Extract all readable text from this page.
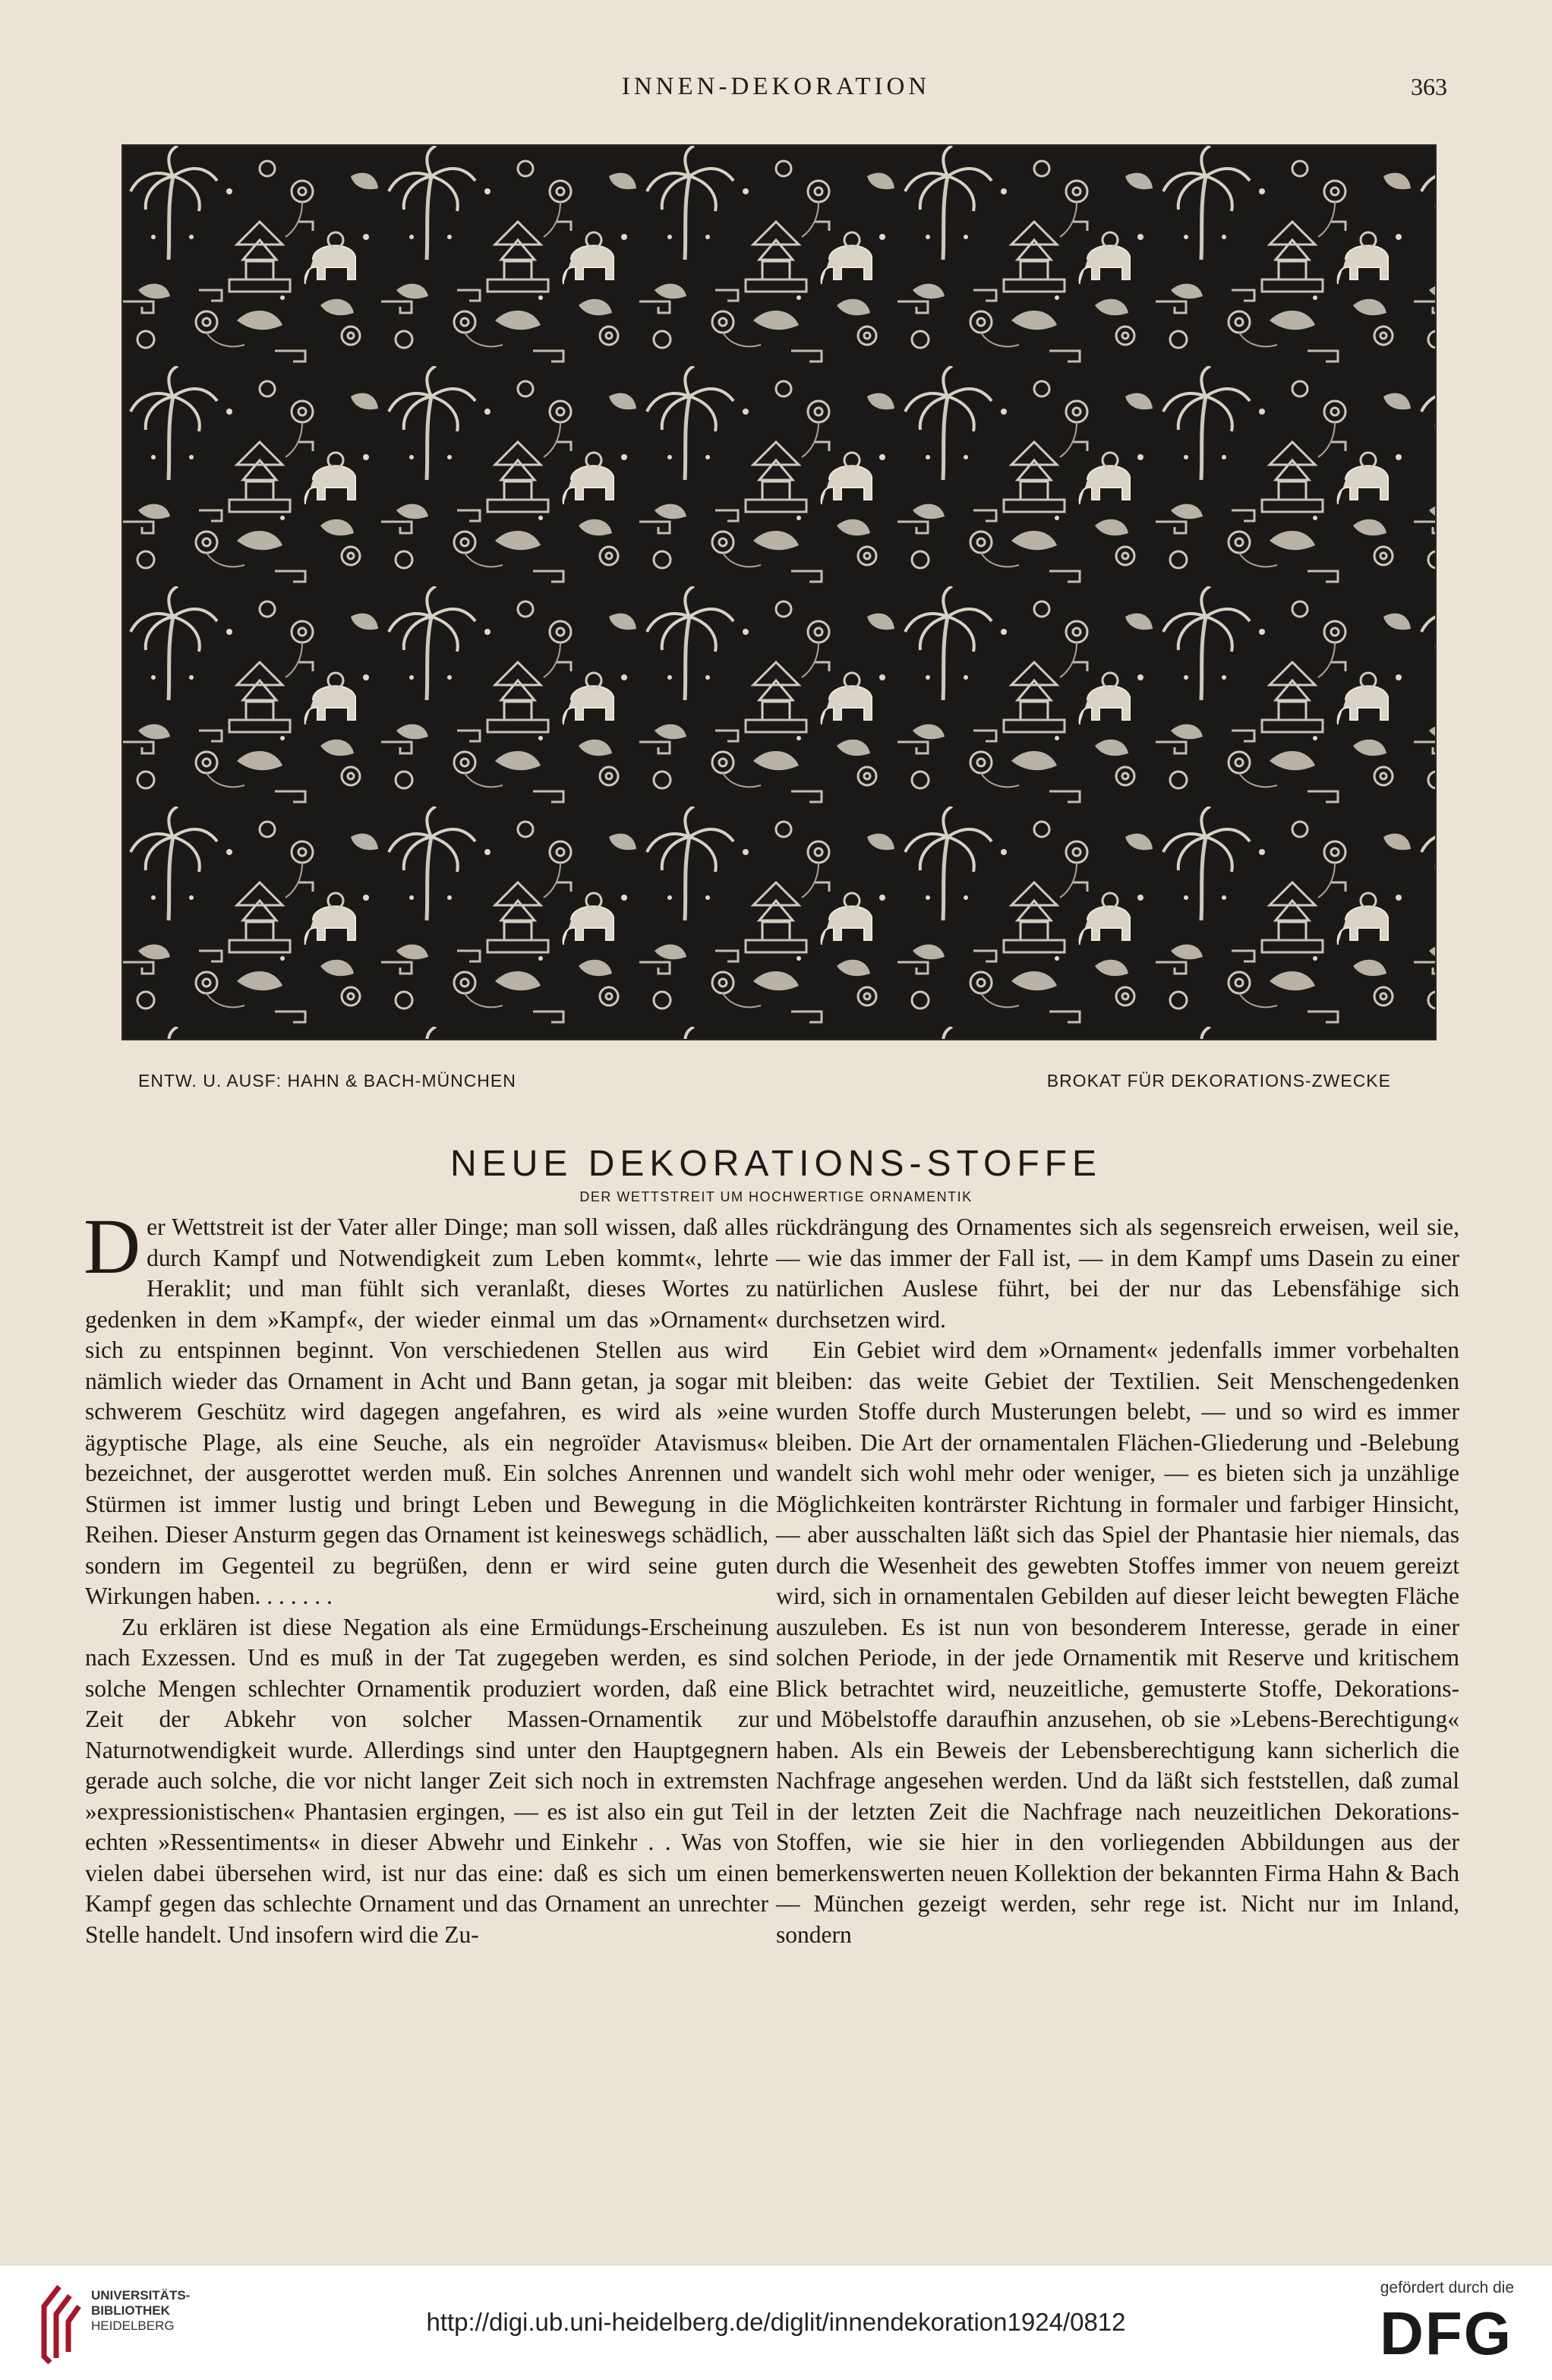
INNEN-DEKORATION	363
ENTW. U. AUSF: HAHN & BACH-MÜNCHEN	BROKAT FÜR DEKORATIONS-ZWECKE
NEUE DEKORATIONS-STOFFE
DER WETTSTREIT UM HOCHWERTIGE ORNAMENTIK

Der Wettstreit ist der Vater aller Dinge; man soll wissen, daß alles durch Kampf und Notwendigkeit zum Leben kommt«, lehrte Heraklit; und man fühlt sich veranlaßt, dieses Wortes zu gedenken in dem »Kampf«, der wieder einmal um das »Ornament« sich zu entspinnen beginnt. Von verschiedenen Stellen aus wird nämlich wieder das Ornament in Acht und Bann getan, ja sogar mit schwerem Geschütz wird dagegen angefahren, es wird als »eine ägyptische Plage, als eine Seuche, als ein negroïder Atavismus« bezeichnet, der ausgerottet werden muß. Ein solches Anrennen und Stürmen ist immer lustig und bringt Leben und Bewegung in die Reihen. Dieser Ansturm gegen das Ornament ist keineswegs schädlich, sondern im Gegenteil zu begrüßen, denn er wird seine guten Wirkungen haben. . . . . . .

Zu erklären ist diese Negation als eine Ermüdungs-Erscheinung nach Exzessen. Und es muß in der Tat zugegeben werden, es sind solche Mengen schlechter Ornamentik produziert worden, daß eine Zeit der Abkehr von solcher Massen-Ornamentik zur Naturnotwendigkeit wurde. Allerdings sind unter den Hauptgegnern gerade auch solche, die vor nicht langer Zeit sich noch in extremsten »expressionistischen« Phantasien ergingen, — es ist also ein gut Teil echten »Ressentiments« in dieser Abwehr und Einkehr . . Was von vielen dabei übersehen wird, ist nur das eine: daß es sich um einen Kampf gegen das schlechte Ornament und das Ornament an unrechter Stelle handelt. Und insofern wird die Zu-

rückdrängung des Ornamentes sich als segensreich erweisen, weil sie, — wie das immer der Fall ist, — in dem Kampf ums Dasein zu einer natürlichen Auslese führt, bei der nur das Lebensfähige sich durchsetzen wird.

Ein Gebiet wird dem »Ornament« jedenfalls immer vorbehalten bleiben: das weite Gebiet der Textilien. Seit Menschengedenken wurden Stoffe durch Musterungen belebt, — und so wird es immer bleiben. Die Art der ornamentalen Flächen-Gliederung und -Belebung wandelt sich wohl mehr oder weniger, — es bieten sich ja unzählige Möglichkeiten konträrster Richtung in formaler und farbiger Hinsicht, — aber ausschalten läßt sich das Spiel der Phantasie hier niemals, das durch die Wesenheit des gewebten Stoffes immer von neuem gereizt wird, sich in ornamentalen Gebilden auf dieser leicht bewegten Fläche auszuleben. Es ist nun von besonderem Interesse, gerade in einer solchen Periode, in der jede Ornamentik mit Reserve und kritischem Blick betrachtet wird, neuzeitliche, gemusterte Stoffe, Dekorations- und Möbelstoffe daraufhin anzusehen, ob sie »Lebens-Berechtigung« haben. Als ein Beweis der Lebensberechtigung kann sicherlich die Nachfrage angesehen werden. Und da läßt sich feststellen, daß zumal in der letzten Zeit die Nachfrage nach neuzeitlichen Dekorations-Stoffen, wie sie hier in den vorliegenden Abbildungen aus der bemerkenswerten neuen Kollektion der bekannten Firma Hahn & Bach — München gezeigt werden, sehr rege ist. Nicht nur im Inland, sondern

UNIVERSITÄTS-
BIBLIOTHEK
HEIDELBERG	http://digi.ub.uni-heidelberg.de/diglit/innendekoration1924/0812
gefördert durch die
DFG
